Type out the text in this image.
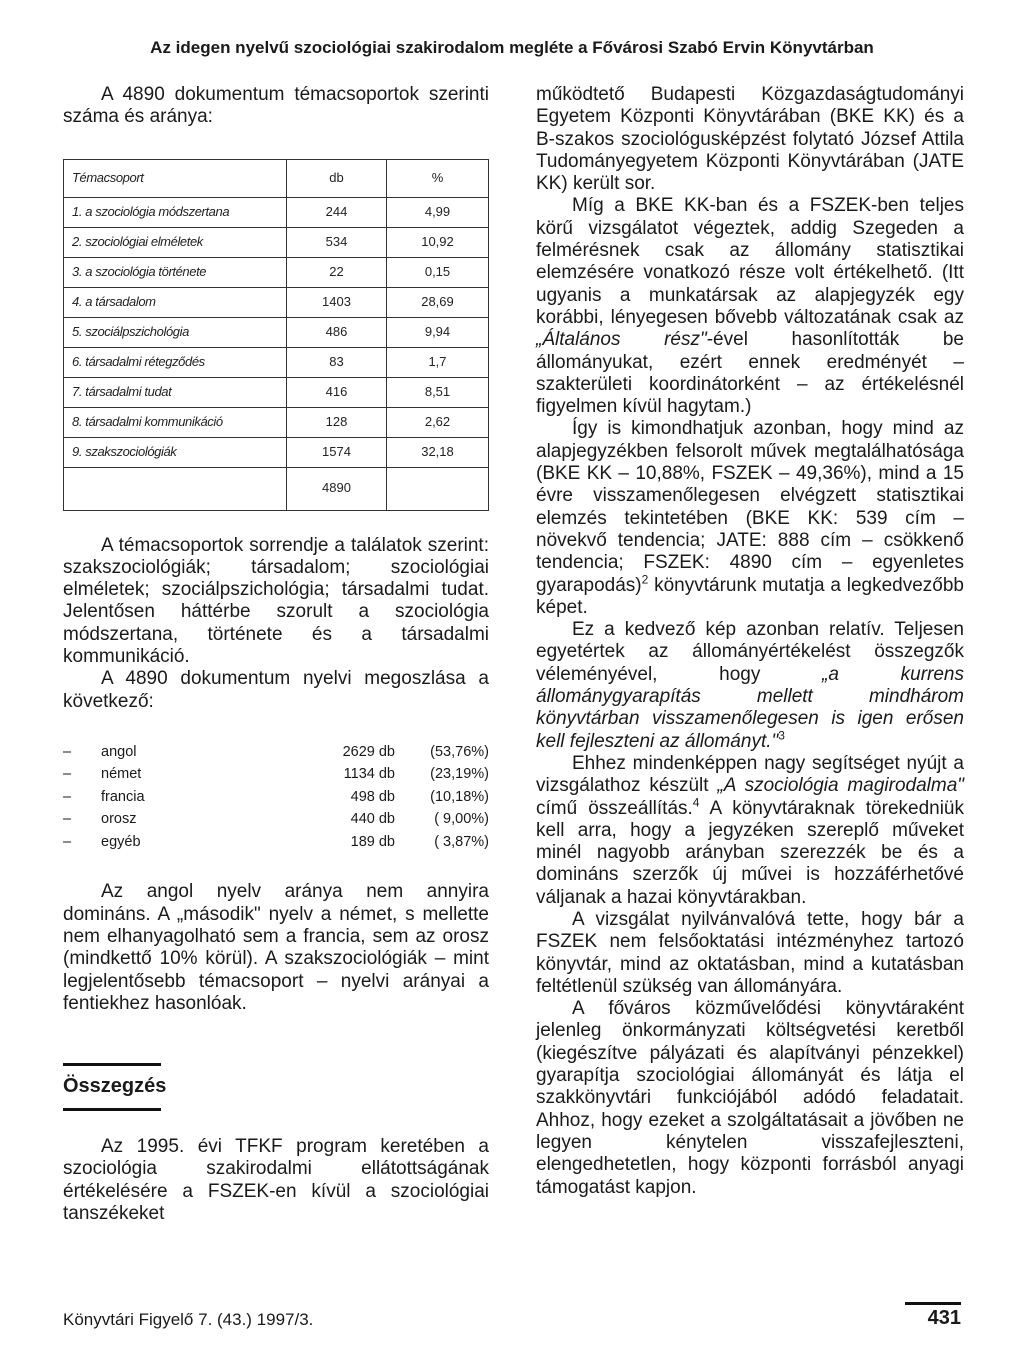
Az idegen nyelvű szociológiai szakirodalom megléte a Fővárosi Szabó Ervin Könyvtárban

A 4890 dokumentum témacsoportok szerinti száma és aránya:

Témacsoport	db	%
1. a szociológia módszertana	244	4,99
2. szociológiai elméletek	534	10,92
3. a szociológia története	22	0,15
4. a társadalom	1403	28,69
5. szociálpszichológia	486	9,94
6. társadalmi rétegződés	83	1,7
7. társadalmi tudat	416	8,51
8. társadalmi kommunikáció	128	2,62
9. szakszociológiák	1574	32,18
	4890	

A témacsoportok sorrendje a találatok szerint: szakszociológiák; társadalom; szociológiai elméletek; szociálpszichológia; társadalmi tudat. Jelentősen háttérbe szorult a szociológia módszertana, története és a társadalmi kommunikáció.

A 4890 dokumentum nyelvi megoszlása a következő:

–	angol	2629 db	(53,76%)
–	német	1134 db	(23,19%)
–	francia	498 db	(10,18%)
–	orosz	440 db	( 9,00%)
–	egyéb	189 db	( 3,87%)

Az angol nyelv aránya nem annyira domináns. A „második" nyelv a német, s mellette nem elhanyagolható sem a francia, sem az orosz (mindkettő 10% körül). A szakszociológiák – mint legjelentősebb témacsoport – nyelvi arányai a fentiekhez hasonlóak.

Összegzés

Az 1995. évi TFKF program keretében a szociológia szakirodalmi ellátottságának értékelésére a FSZEK-en kívül a szociológiai tanszékeket

működtető Budapesti Közgazdaságtudományi Egyetem Központi Könyvtárában (BKE KK) és a B-szakos szociológusképzést folytató József Attila Tudományegyetem Központi Könyvtárában (JATE KK) került sor.

Míg a BKE KK-ban és a FSZEK-ben teljes körű vizsgálatot végeztek, addig Szegeden a felmérésnek csak az állomány statisztikai elemzésére vonatkozó része volt értékelhető. (Itt ugyanis a munkatársak az alapjegyzék egy korábbi, lényegesen bővebb változatának csak az „Általános rész"-ével hasonlították be állományukat, ezért ennek eredményét – szakterületi koordinátorként – az értékelésnél figyelmen kívül hagytam.)

Így is kimondhatjuk azonban, hogy mind az alapjegyzékben felsorolt művek megtalálhatósága (BKE KK – 10,88%, FSZEK – 49,36%), mind a 15 évre visszamenőlegesen elvégzett statisztikai elemzés tekintetében (BKE KK: 539 cím – növekvő tendencia; JATE: 888 cím – csökkenő tendencia; FSZEK: 4890 cím – egyenletes gyarapodás)$^2$ könyvtárunk mutatja a legkedvezőbb képet.

Ez a kedvező kép azonban relatív. Teljesen egyetértek az állományértékelést összegzők véleményével, hogy „a kurrens állománygyarapítás mellett mindhárom könyvtárban visszamenőlegesen is igen erősen kell fejleszteni az állományt."$^3$

Ehhez mindenképpen nagy segítséget nyújt a vizsgálathoz készült „A szociológia magirodalma" című összeállítás.$^4$ A könyvtáraknak törekedniük kell arra, hogy a jegyzéken szereplő műveket minél nagyobb arányban szerezzék be és a domináns szerzők új művei is hozzáférhetővé váljanak a hazai könyvtárakban.

A vizsgálat nyilvánvalóvá tette, hogy bár a FSZEK nem felsőoktatási intézményhez tartozó könyvtár, mind az oktatásban, mind a kutatásban feltétlenül szükség van állományára.

A főváros közművelődési könyvtáraként jelenleg önkormányzati költségvetési keretből (kiegészítve pályázati és alapítványi pénzekkel) gyarapítja szociológiai állományát és látja el szakkönyvtári funkciójából adódó feladatait. Ahhoz, hogy ezeket a szolgáltatásait a jövőben ne legyen kénytelen visszafejleszteni, elengedhetetlen, hogy központi forrásból anyagi támogatást kapjon.

Könyvtári Figyelő 7. (43.) 1997/3.	431
